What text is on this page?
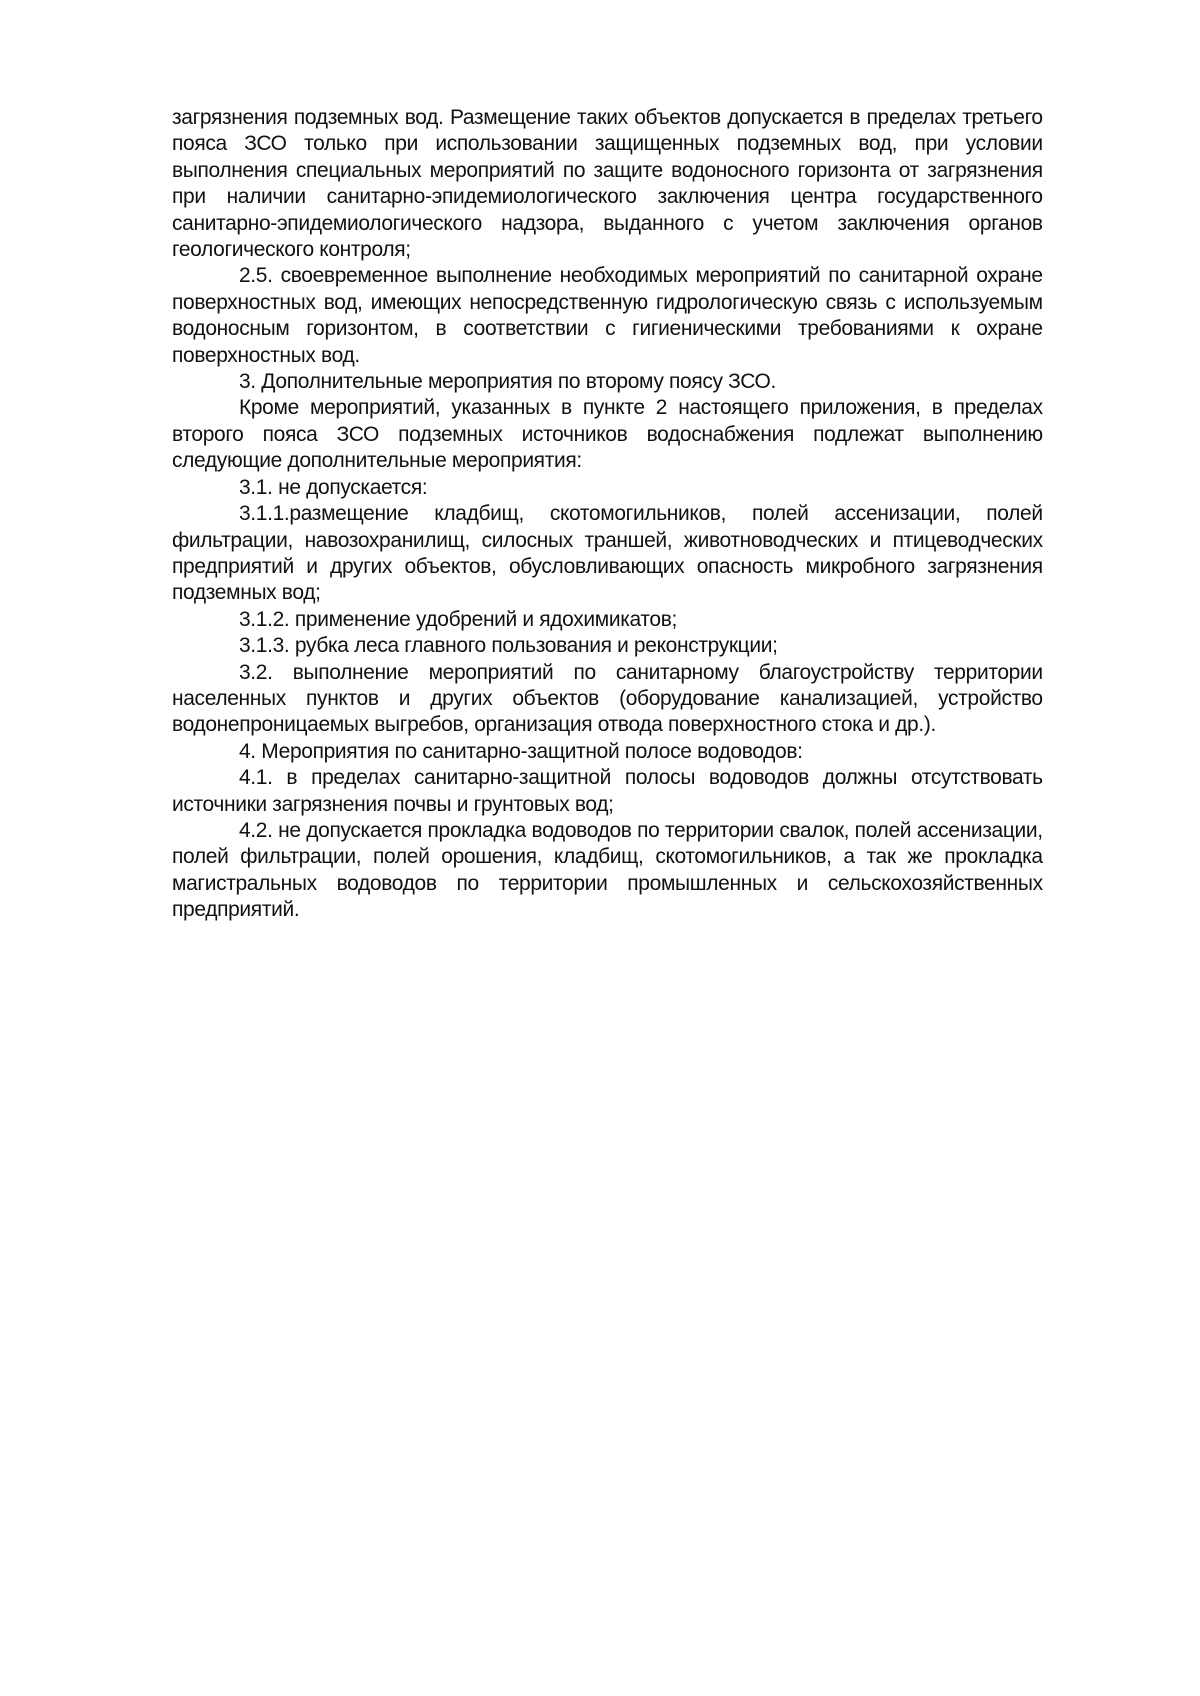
загрязнения подземных вод. Размещение таких объектов допускается в пределах третьего пояса ЗСО только при использовании защищенных подземных вод, при условии выполнения специальных мероприятий по защите водоносного горизонта от загрязнения при наличии санитарно-эпидемиологического заключения центра государственного санитарно-эпидемиологического надзора, выданного с учетом заключения органов геологического контроля;

2.5. своевременное выполнение необходимых мероприятий по санитарной охране поверхностных вод, имеющих непосредственную гидрологическую связь с используемым водоносным горизонтом, в соответствии с гигиеническими требованиями к охране поверхностных вод.

3. Дополнительные мероприятия по второму поясу ЗСО.

Кроме мероприятий, указанных в пункте 2 настоящего приложения, в пределах второго пояса ЗСО подземных источников водоснабжения подлежат выполнению следующие дополнительные мероприятия:

3.1. не допускается:

3.1.1.размещение кладбищ, скотомогильников, полей ассенизации, полей фильтрации, навозохранилищ, силосных траншей, животноводческих и птицеводческих предприятий и других объектов, обусловливающих опасность микробного загрязнения подземных вод;

3.1.2. применение удобрений и ядохимикатов;

3.1.3. рубка леса главного пользования и реконструкции;

3.2. выполнение мероприятий по санитарному благоустройству территории населенных пунктов и других объектов (оборудование канализацией, устройство водонепроницаемых выгребов, организация отвода поверхностного стока и др.).

4. Мероприятия по санитарно-защитной полосе водоводов:

4.1. в пределах санитарно-защитной полосы водоводов должны отсутствовать источники загрязнения почвы и грунтовых вод;

4.2. не допускается прокладка водоводов по территории свалок, полей ассенизации, полей фильтрации, полей орошения, кладбищ, скотомогильников, а так же прокладка магистральных водоводов по территории промышленных и сельскохозяйственных предприятий.
